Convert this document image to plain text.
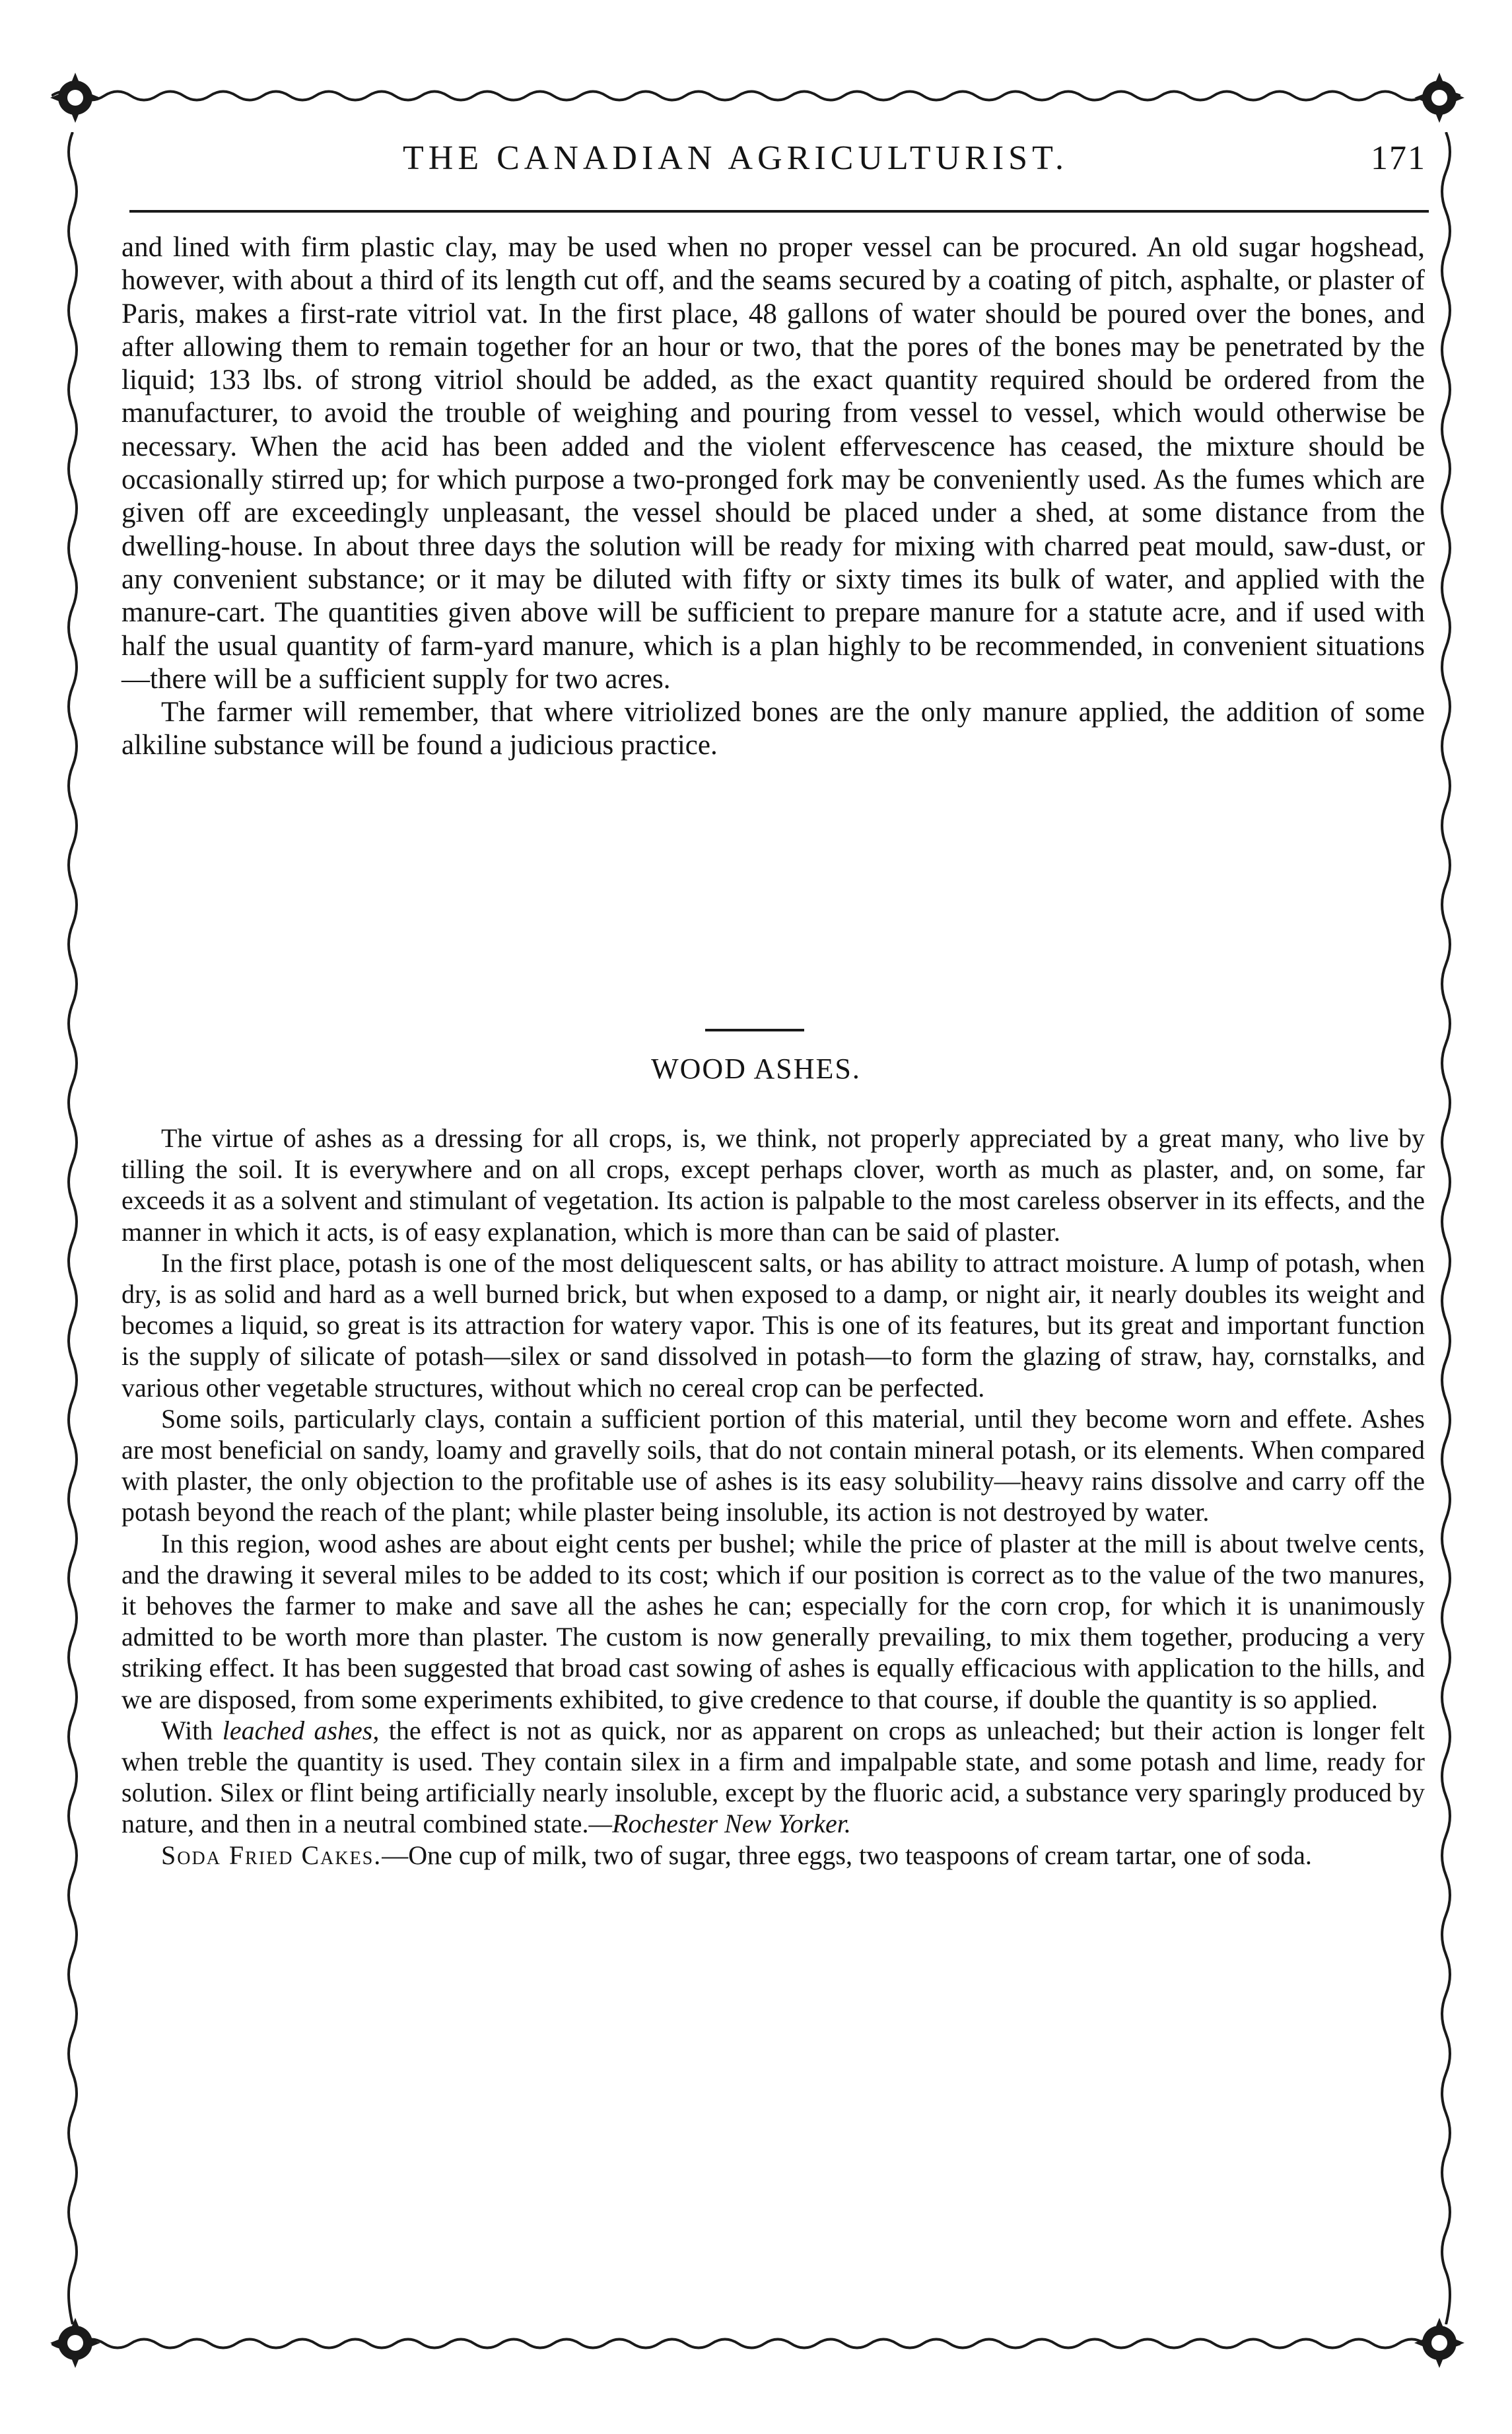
THE CANADIAN AGRICULTURIST.	171

and lined with firm plastic clay, may be used when no proper vessel can be procured. An old sugar hogshead, however, with about a third of its length cut off, and the seams secured by a coating of pitch, asphalte, or plaster of Paris, makes a first-rate vitriol vat. In the first place, 48 gallons of water should be poured over the bones, and after allowing them to remain together for an hour or two, that the pores of the bones may be penetrated by the liquid; 133 lbs. of strong vitriol should be added, as the exact quantity required should be ordered from the manufacturer, to avoid the trouble of weighing and pouring from vessel to vessel, which would otherwise be necessary. When the acid has been added and the violent effervescence has ceased, the mixture should be occasionally stirred up; for which purpose a two-pronged fork may be conveniently used. As the fumes which are given off are exceedingly unpleasant, the vessel should be placed under a shed, at some distance from the dwelling-house. In about three days the solution will be ready for mixing with charred peat mould, saw-dust, or any convenient substance; or it may be diluted with fifty or sixty times its bulk of water, and applied with the manure-cart. The quantities given above will be sufficient to prepare manure for a statute acre, and if used with half the usual quantity of farm-yard manure, which is a plan highly to be recommended, in convenient situations—there will be a sufficient supply for two acres.

The farmer will remember, that where vitriolized bones are the only manure applied, the addition of some alkiline substance will be found a judicious practice.

WOOD ASHES.

The virtue of ashes as a dressing for all crops, is, we think, not properly appreciated by a great many, who live by tilling the soil. It is everywhere and on all crops, except perhaps clover, worth as much as plaster, and, on some, far exceeds it as a solvent and stimulant of vegetation. Its action is palpable to the most careless observer in its effects, and the manner in which it acts, is of easy explanation, which is more than can be said of plaster.

In the first place, potash is one of the most deliquescent salts, or has ability to attract moisture. A lump of potash, when dry, is as solid and hard as a well burned brick, but when exposed to a damp, or night air, it nearly doubles its weight and becomes a liquid, so great is its attraction for watery vapor. This is one of its features, but its great and important function is the supply of silicate of potash—silex or sand dissolved in potash—to form the glazing of straw, hay, cornstalks, and various other vegetable structures, without which no cereal crop can be perfected.

Some soils, particularly clays, contain a sufficient portion of this material, until they become worn and effete. Ashes are most beneficial on sandy, loamy and gravelly soils, that do not contain mineral potash, or its elements. When compared with plaster, the only objection to the profitable use of ashes is its easy solubility—heavy rains dissolve and carry off the potash beyond the reach of the plant; while plaster being insoluble, its action is not destroyed by water.

In this region, wood ashes are about eight cents per bushel; while the price of plaster at the mill is about twelve cents, and the drawing it several miles to be added to its cost; which if our position is correct as to the value of the two manures, it behoves the farmer to make and save all the ashes he can; especially for the corn crop, for which it is unanimously admitted to be worth more than plaster. The custom is now generally prevailing, to mix them together, producing a very striking effect. It has been suggested that broad cast sowing of ashes is equally efficacious with application to the hills, and we are disposed, from some experiments exhibited, to give credence to that course, if double the quantity is so applied.

With leached ashes, the effect is not as quick, nor as apparent on crops as unleached; but their action is longer felt when treble the quantity is used. They contain silex in a firm and impalpable state, and some potash and lime, ready for solution. Silex or flint being artificially nearly insoluble, except by the fluoric acid, a substance very sparingly produced by nature, and then in a neutral combined state.—Rochester New Yorker.

Soda Fried Cakes.—One cup of milk, two of sugar, three eggs, two teaspoons of cream tartar, one of soda.
